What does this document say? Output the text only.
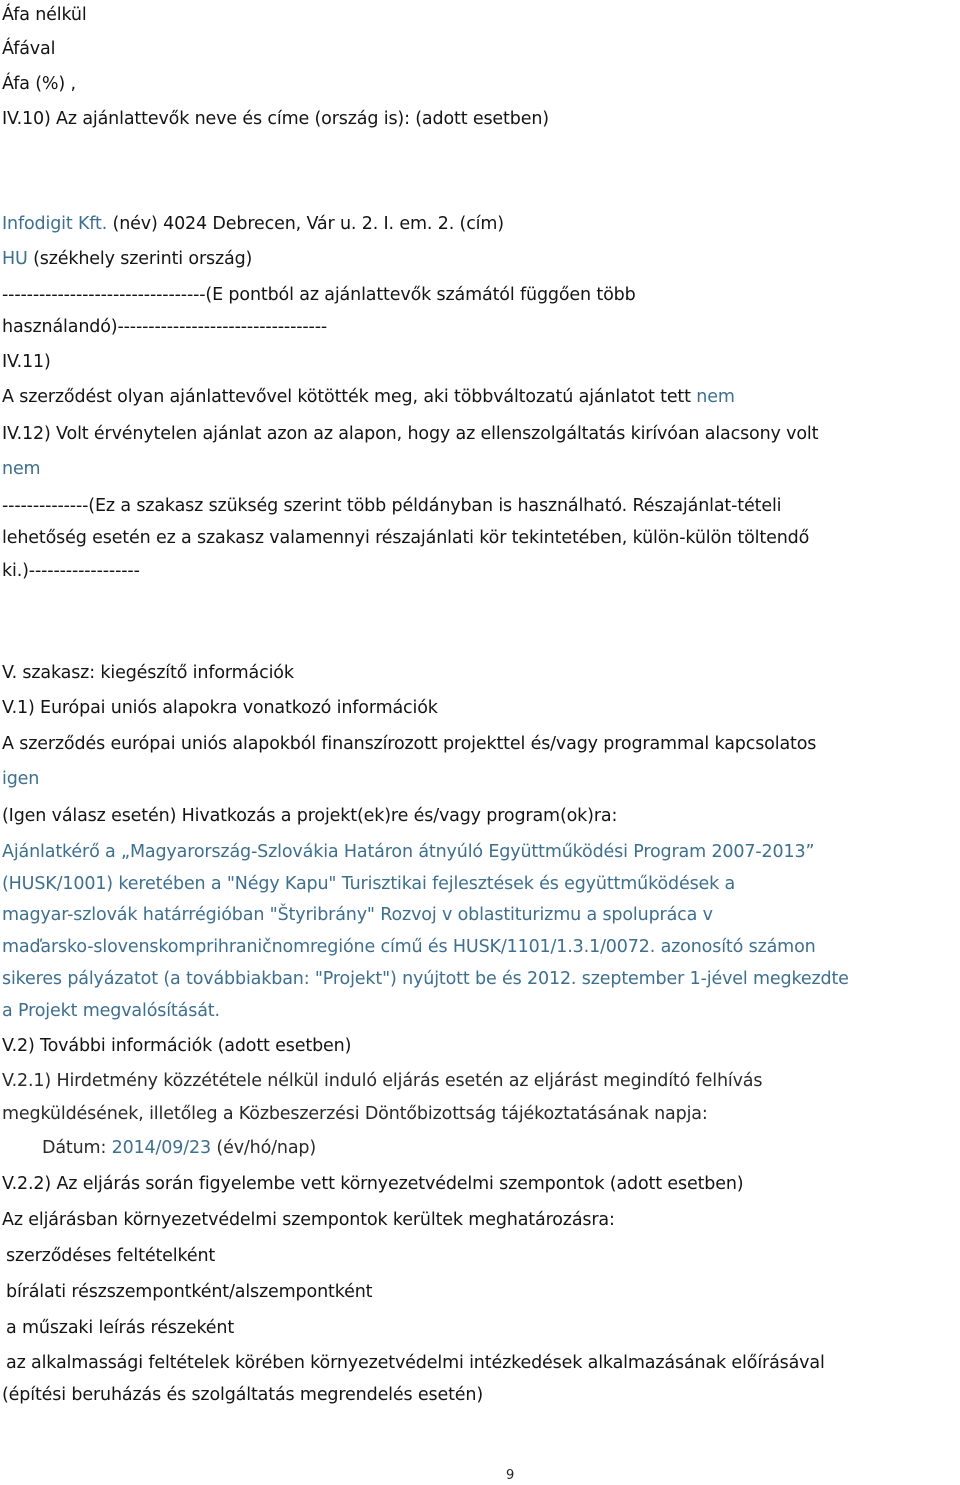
Áfa nélkül
Áfával
Áfa (%) ,
IV.10) Az ajánlattevők neve és címe (ország is): (adott esetben)
Infodigit Kft. (név) 4024 Debrecen, Vár u. 2. I. em. 2. (cím)
HU (székhely szerinti ország)
---------------------------------(E pontból az ajánlattevők számától függően több
használandó)----------------------------------
IV.11)
A szerződést olyan ajánlattevővel kötötték meg, aki többváltozatú ajánlatot tett nem
IV.12) Volt érvénytelen ajánlat azon az alapon, hogy az ellenszolgáltatás kirívóan alacsony volt
nem
--------------(Ez a szakasz szükség szerint több példányban is használható. Részajánlat-tételi
lehetőség esetén ez a szakasz valamennyi részajánlati kör tekintetében, külön-külön töltendő
ki.)------------------
V. szakasz: kiegészítő információk
V.1) Európai uniós alapokra vonatkozó információk
A szerződés európai uniós alapokból finanszírozott projekttel és/vagy programmal kapcsolatos
igen
(Igen válasz esetén) Hivatkozás a projekt(ek)re és/vagy program(ok)ra:
Ajánlatkérő a „Magyarország-Szlovákia Határon átnyúló Együttműködési Program 2007-2013”
(HUSK/1001) keretében a "Négy Kapu" Turisztikai fejlesztések és együttműködések a
magyar-szlovák határrégióban "Štyribrány" Rozvoj v oblastiturizmu a spolupráca v
maďarsko-slovenskomprihraničnomregióne című és HUSK/1101/1.3.1/0072. azonosító számon
sikeres pályázatot (a továbbiakban: "Projekt") nyújtott be és 2012. szeptember 1-jével megkezdte
a Projekt megvalósítását.
V.2) További információk (adott esetben)
V.2.1) Hirdetmény közzététele nélkül induló eljárás esetén az eljárást megindító felhívás
megküldésének, illetőleg a Közbeszerzési Döntőbizottság tájékoztatásának napja:
Dátum: 2014/09/23 (év/hó/nap)
V.2.2) Az eljárás során figyelembe vett környezetvédelmi szempontok (adott esetben)
Az eljárásban környezetvédelmi szempontok kerültek meghatározásra:
szerződéses feltételként
bírálati részszempontként/alszempontként
a műszaki leírás részeként
az alkalmassági feltételek körében környezetvédelmi intézkedések alkalmazásának előírásával
(építési beruházás és szolgáltatás megrendelés esetén)
9
